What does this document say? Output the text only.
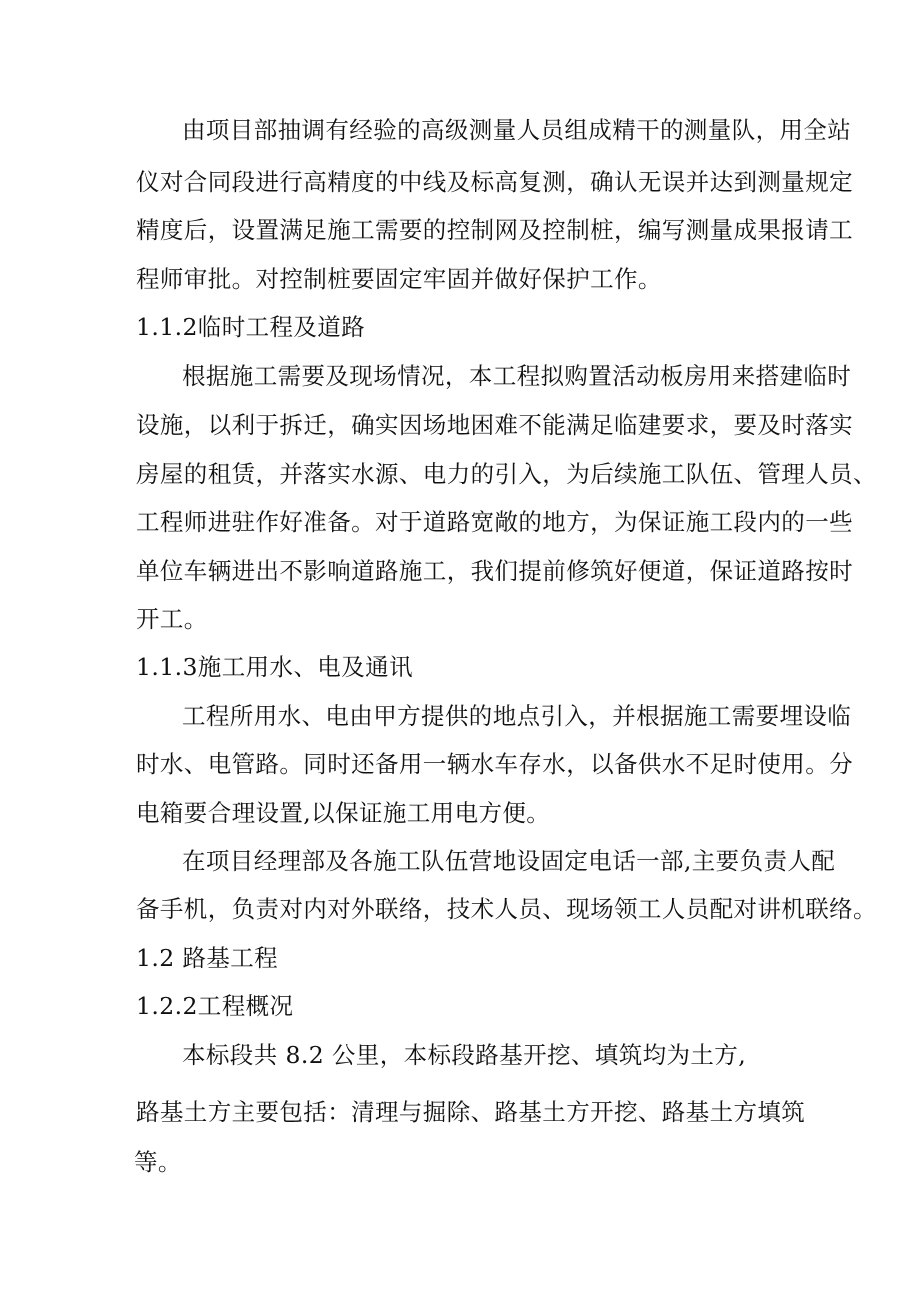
由项目部抽调有经验的高级测量人员组成精干的测量队，用全站
仪对合同段进行高精度的中线及标高复测，确认无误并达到测量规定
精度后，设置满足施工需要的控制网及控制桩，编写测量成果报请工
程师审批。对控制桩要固定牢固并做好保护工作。
1.1.2临时工程及道路
根据施工需要及现场情况，本工程拟购置活动板房用来搭建临时
设施，以利于拆迁，确实因场地困难不能满足临建要求，要及时落实
房屋的租赁，并落实水源、电力的引入，为后续施工队伍、管理人员、
工程师进驻作好准备。对于道路宽敞的地方，为保证施工段内的一些
单位车辆进出不影响道路施工，我们提前修筑好便道，保证道路按时
开工。
1.1.3施工用水、电及通讯
工程所用水、电由甲方提供的地点引入，并根据施工需要埋设临
时水、电管路。同时还备用一辆水车存水，以备供水不足时使用。分
电箱要合理设置,以保证施工用电方便。
在项目经理部及各施工队伍营地设固定电话一部,主要负责人配
备手机，负责对内对外联络，技术人员、现场领工人员配对讲机联络。
1.2 路基工程
1.2.2工程概况
本标段共 8.2 公里，本标段路基开挖、填筑均为土方,
路基土方主要包括：清理与掘除、路基土方开挖、路基土方填筑
等。
